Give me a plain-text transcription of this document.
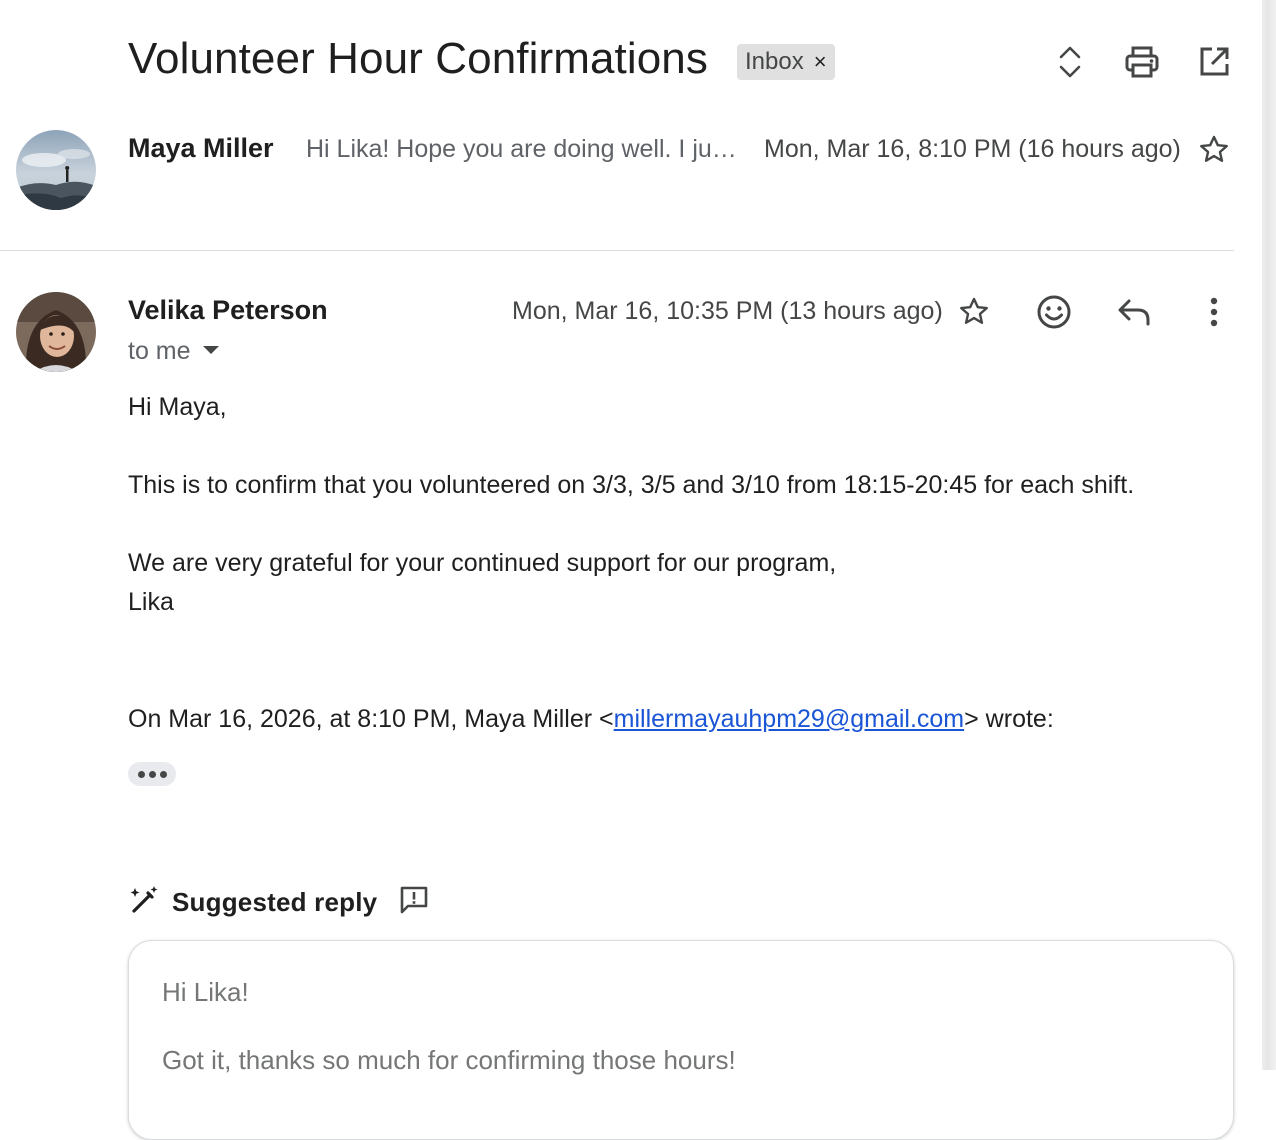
Volunteer Hour Confirmations Inbox ×
Maya Miller Hi Lika! Hope you are doing well. I ju… Mon, Mar 16, 8:10 PM (16 hours ago)
Velika Peterson
to me
Mon, Mar 16, 10:35 PM (13 hours ago)
Hi Maya,
This is to confirm that you volunteered on 3/3, 3/5 and 3/10 from 18:15-20:45 for each shift.
We are very grateful for your continued support for our program,
Lika
On Mar 16, 2026, at 8:10 PM, Maya Miller <millermayauhpm29@gmail.com> wrote:
Suggested reply
Hi Lika!
Got it, thanks so much for confirming those hours!
